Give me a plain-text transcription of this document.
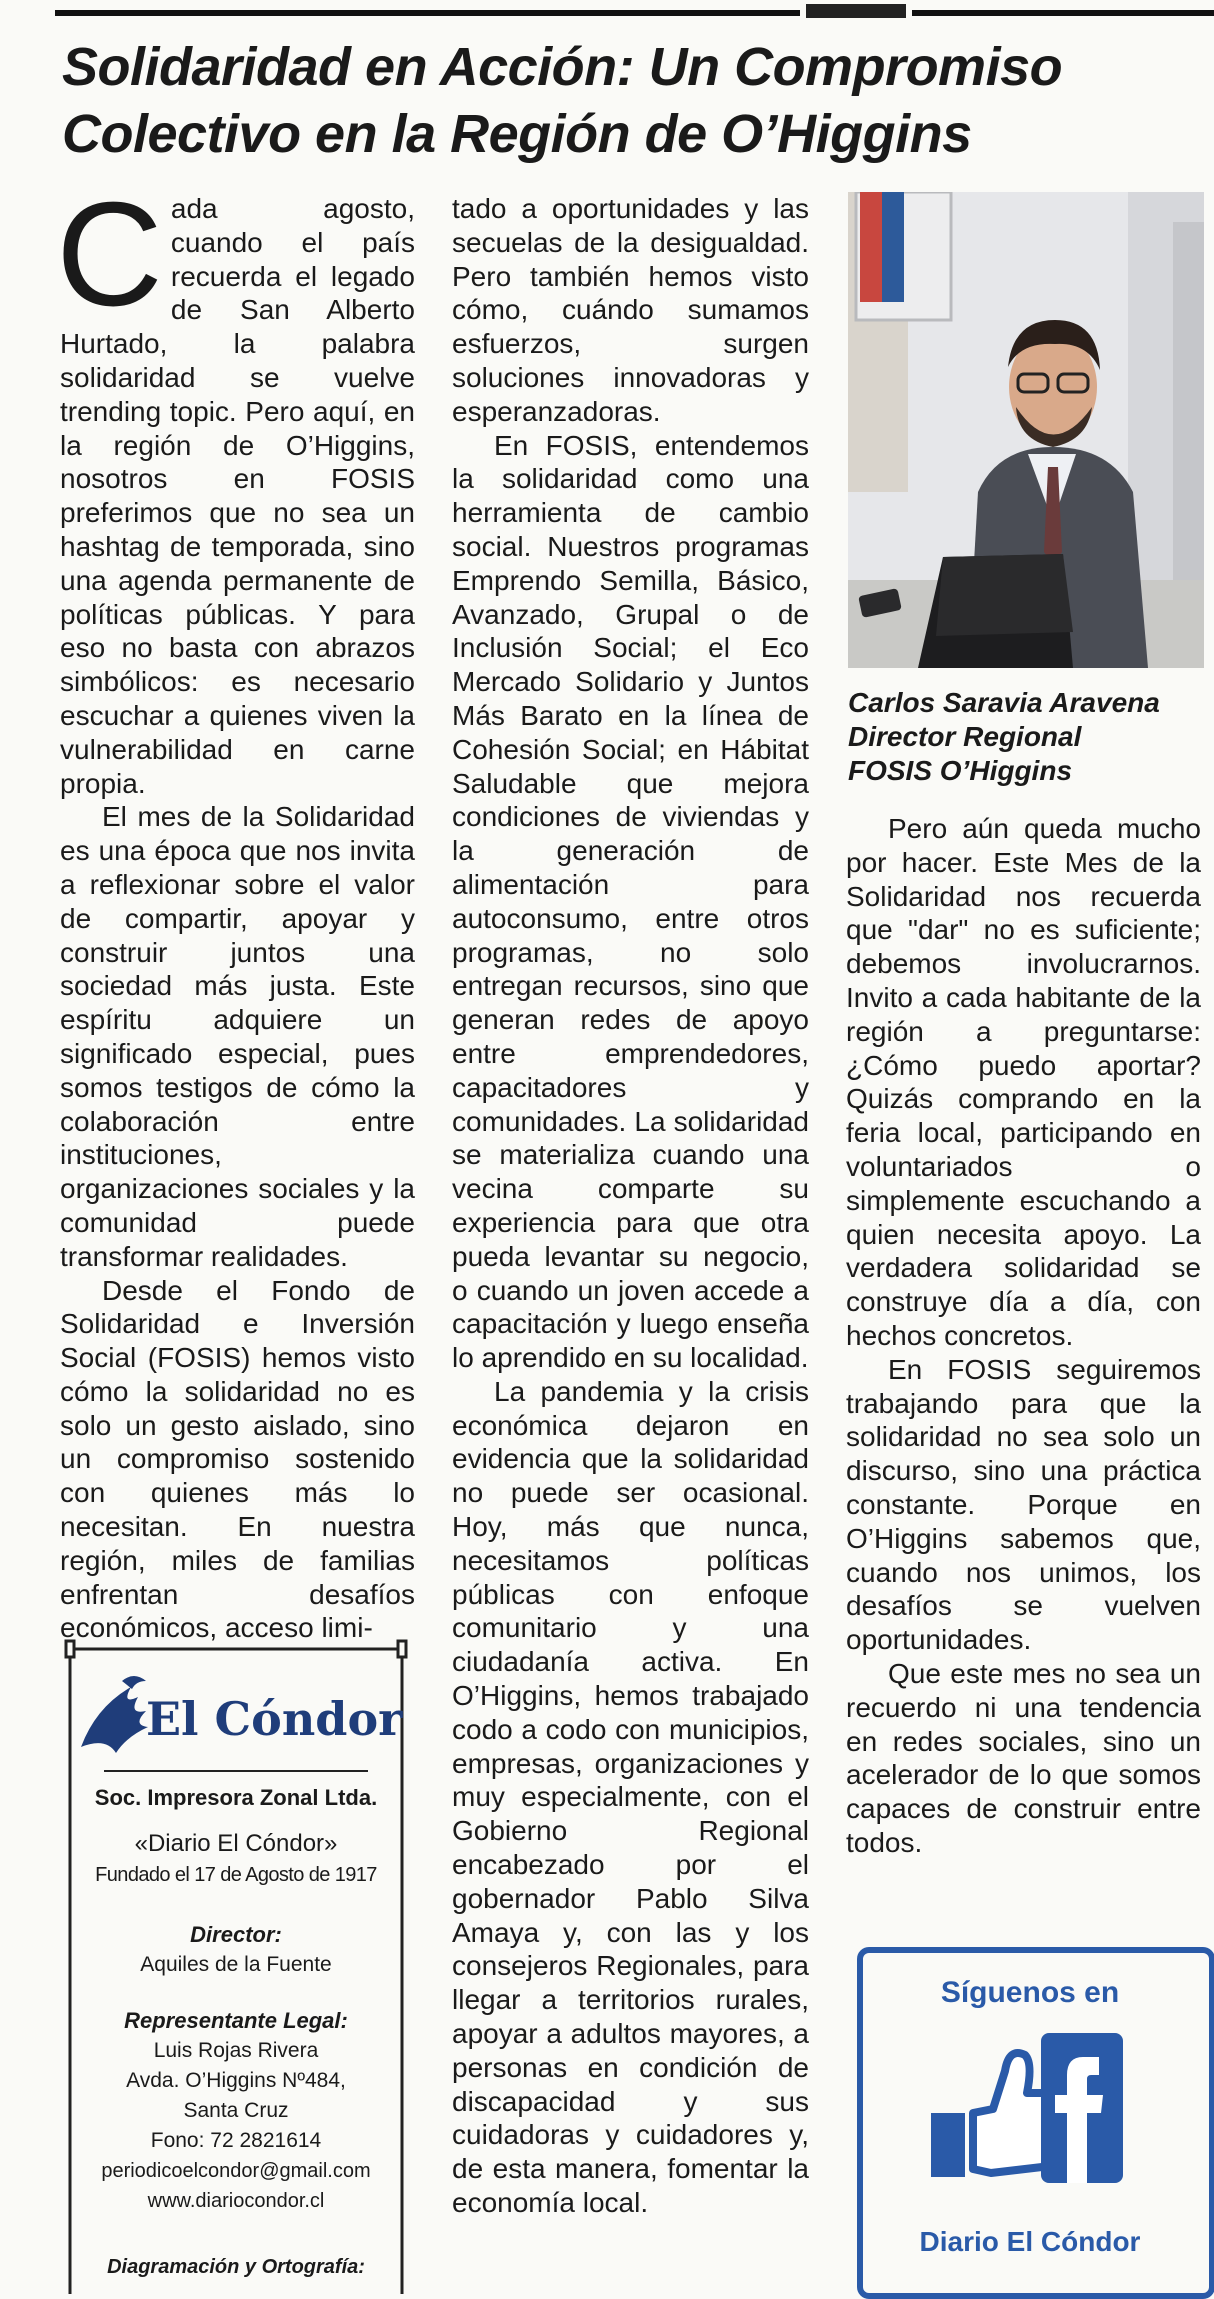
Solidaridad en Acción: Un Compromiso Colectivo en la Región de O’Higgins

Cada agosto, cuando el país recuerda el legado de San Alberto Hurtado, la palabra solidaridad se vuelve trending topic. Pero aquí, en la región de O’Higgins, nosotros en FOSIS preferimos que no sea un hashtag de temporada, sino una agenda permanente de políticas públicas. Y para eso no basta con abrazos simbólicos: es necesario escuchar a quienes viven la vulnerabilidad en carne propia.

El mes de la Solidaridad es una época que nos invita a reflexionar sobre el valor de compartir, apoyar y construir juntos una sociedad más justa. Este espíritu adquiere un significado especial, pues somos testigos de cómo la colaboración entre instituciones, organizaciones sociales y la comunidad puede transformar realidades.

Desde el Fondo de Solidaridad e Inversión Social (FOSIS) hemos visto cómo la solidaridad no es solo un gesto aislado, sino un compromiso sostenido con quienes más lo necesitan. En nuestra región, miles de familias enfrentan desafíos económicos, acceso limi-

tado a oportunidades y las secuelas de la desigualdad. Pero también hemos visto cómo, cuándo sumamos esfuerzos, surgen soluciones innovadoras y esperanzadoras.

En FOSIS, entendemos la solidaridad como una herramienta de cambio social. Nuestros programas Emprendo Semilla, Básico, Avanzado, Grupal o de Inclusión Social; el Eco Mercado Solidario y Juntos Más Barato en la línea de Cohesión Social; en Hábitat Saludable que mejora condiciones de viviendas y la generación de alimentación para autoconsumo, entre otros programas, no solo entregan recursos, sino que generan redes de apoyo entre emprendedores, capacitadores y comunidades. La solidaridad se materializa cuando una vecina comparte su experiencia para que otra pueda levantar su negocio, o cuando un joven accede a capacitación y luego enseña lo aprendido en su localidad.

La pandemia y la crisis económica dejaron en evidencia que la solidaridad no puede ser ocasional. Hoy, más que nunca, necesitamos políticas públicas con enfoque comunitario y una ciudadanía activa. En O’Higgins, hemos trabajado codo a codo con municipios, empresas, organizaciones y muy especialmente, con el Gobierno Regional encabezado por el gobernador Pablo Silva Amaya y, con las y los consejeros Regionales, para llegar a territorios rurales, apoyar a adultos mayores, a personas en condición de discapacidad y sus cuidadoras y cuidadores y, de esta manera, fomentar la economía local.

Carlos Saravia Aravena
Director Regional
FOSIS O’Higgins

Pero aún queda mucho por hacer. Este Mes de la Solidaridad nos recuerda que "dar" no es suficiente; debemos involucrarnos. Invito a cada habitante de la región a preguntarse: ¿Cómo puedo aportar? Quizás comprando en la feria local, participando en voluntariados o simplemente escuchando a quien necesita apoyo. La verdadera solidaridad se construye día a día, con hechos concretos.

En FOSIS seguiremos trabajando para que la solidaridad no sea solo un discurso, sino una práctica constante. Porque en O’Higgins sabemos que, cuando nos unimos, los desafíos se vuelven oportunidades.

Que este mes no sea un recuerdo ni una tendencia en redes sociales, sino un acelerador de lo que somos capaces de construir entre todos.

El Cóndor
Soc. Impresora Zonal Ltda.
«Diario El Cóndor»
Fundado el 17 de Agosto de 1917
Director:
Aquiles de la Fuente
Representante Legal:
Luis Rojas Rivera
Avda. O’Higgins Nº484,
Santa Cruz
Fono: 72 2821614
periodicoelcondor@gmail.com
www.diariocondor.cl
Diagramación y Ortografía:
Síguenos en
Diario El Cóndor
